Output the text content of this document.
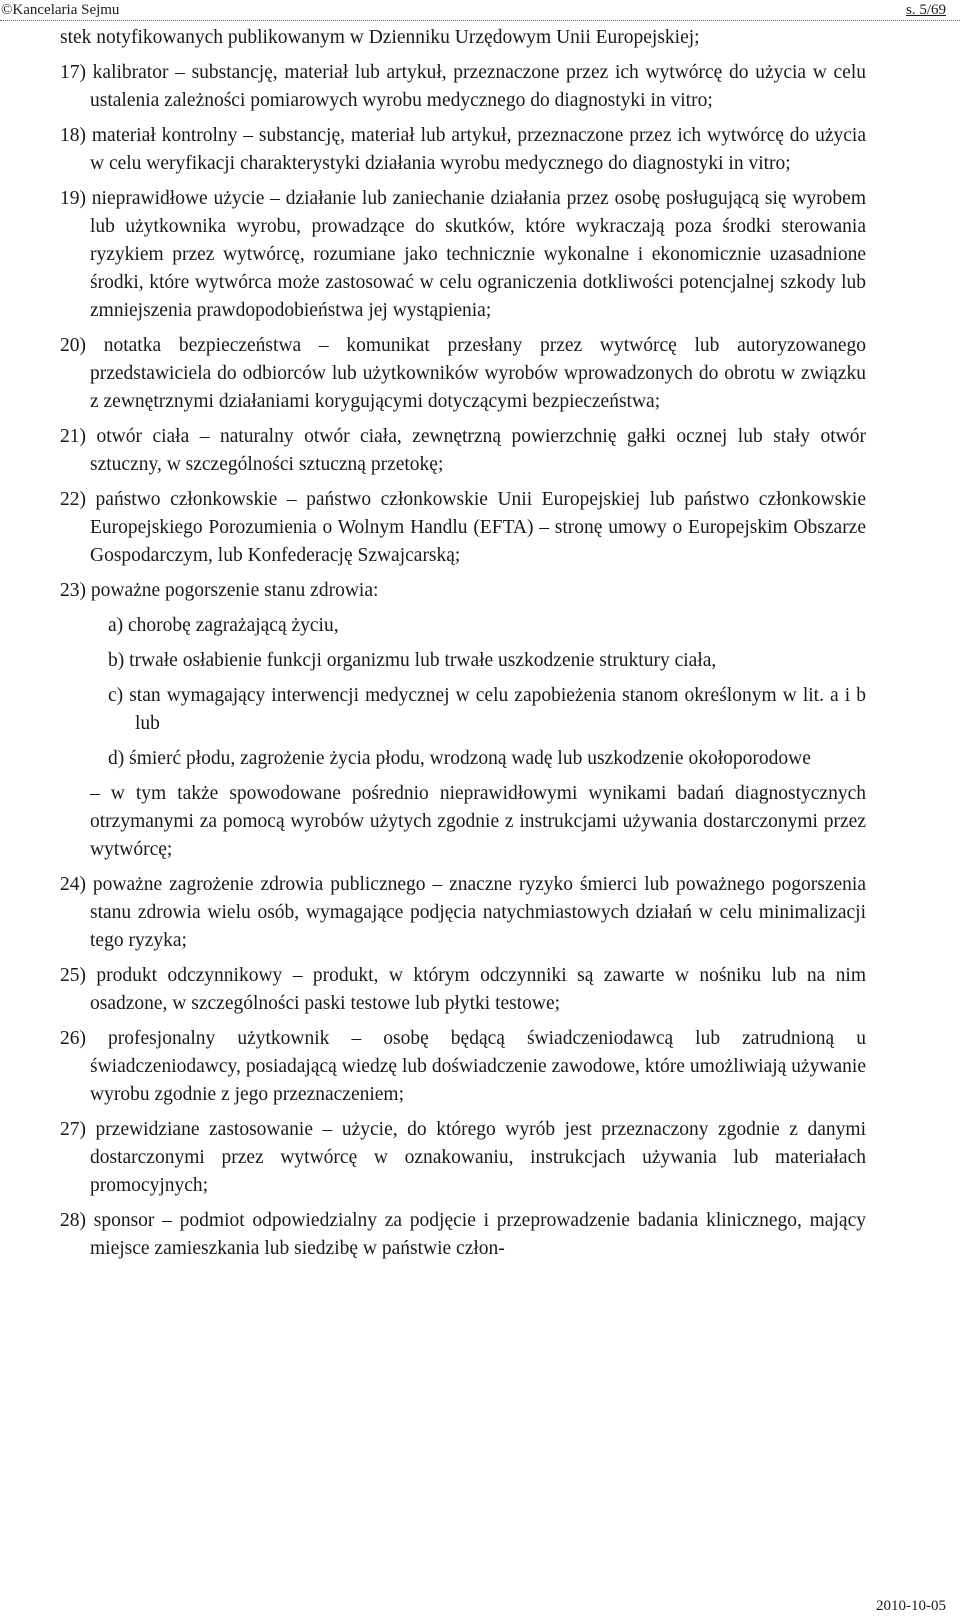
©Kancelaria Sejmu	s. 5/69

stek notyfikowanych publikowanym w Dzienniku Urzędowym Unii Europejskiej;

17) kalibrator – substancję, materiał lub artykuł, przeznaczone przez ich wytwórcę do użycia w celu ustalenia zależności pomiarowych wyrobu medycznego do diagnostyki in vitro;

18) materiał kontrolny – substancję, materiał lub artykuł, przeznaczone przez ich wytwórcę do użycia w celu weryfikacji charakterystyki działania wyrobu medycznego do diagnostyki in vitro;

19) nieprawidłowe użycie – działanie lub zaniechanie działania przez osobę posługującą się wyrobem lub użytkownika wyrobu, prowadzące do skutków, które wykraczają poza środki sterowania ryzykiem przez wytwórcę, rozumiane jako technicznie wykonalne i ekonomicznie uzasadnione środki, które wytwórca może zastosować w celu ograniczenia dotkliwości potencjalnej szkody lub zmniejszenia prawdopodobieństwa jej wystąpienia;

20) notatka bezpieczeństwa – komunikat przesłany przez wytwórcę lub autoryzowanego przedstawiciela do odbiorców lub użytkowników wyrobów wprowadzonych do obrotu w związku z zewnętrznymi działaniami korygującymi dotyczącymi bezpieczeństwa;

21) otwór ciała – naturalny otwór ciała, zewnętrzną powierzchnię gałki ocznej lub stały otwór sztuczny, w szczególności sztuczną przetokę;

22) państwo członkowskie – państwo członkowskie Unii Europejskiej lub państwo członkowskie Europejskiego Porozumienia o Wolnym Handlu (EFTA) – stronę umowy o Europejskim Obszarze Gospodarczym, lub Konfederację Szwajcarską;

23) poważne pogorszenie stanu zdrowia:

a) chorobę zagrażającą życiu,

b) trwałe osłabienie funkcji organizmu lub trwałe uszkodzenie struktury ciała,

c) stan wymagający interwencji medycznej w celu zapobieżenia stanom określonym w lit. a i b lub

d) śmierć płodu, zagrożenie życia płodu, wrodzoną wadę lub uszkodzenie okołoporodowe

– w tym także spowodowane pośrednio nieprawidłowymi wynikami badań diagnostycznych otrzymanymi za pomocą wyrobów użytych zgodnie z instrukcjami używania dostarczonymi przez wytwórcę;

24) poważne zagrożenie zdrowia publicznego – znaczne ryzyko śmierci lub poważnego pogorszenia stanu zdrowia wielu osób, wymagające podjęcia natychmiastowych działań w celu minimalizacji tego ryzyka;

25) produkt odczynnikowy – produkt, w którym odczynniki są zawarte w nośniku lub na nim osadzone, w szczególności paski testowe lub płytki testowe;

26) profesjonalny użytkownik – osobę będącą świadczeniodawcą lub zatrudnioną u świadczeniodawcy, posiadającą wiedzę lub doświadczenie zawodowe, które umożliwiają używanie wyrobu zgodnie z jego przeznaczeniem;

27) przewidziane zastosowanie – użycie, do którego wyrób jest przeznaczony zgodnie z danymi dostarczonymi przez wytwórcę w oznakowaniu, instrukcjach używania lub materiałach promocyjnych;

28) sponsor – podmiot odpowiedzialny za podjęcie i przeprowadzenie badania klinicznego, mający miejsce zamieszkania lub siedzibę w państwie człon-

2010-10-05
